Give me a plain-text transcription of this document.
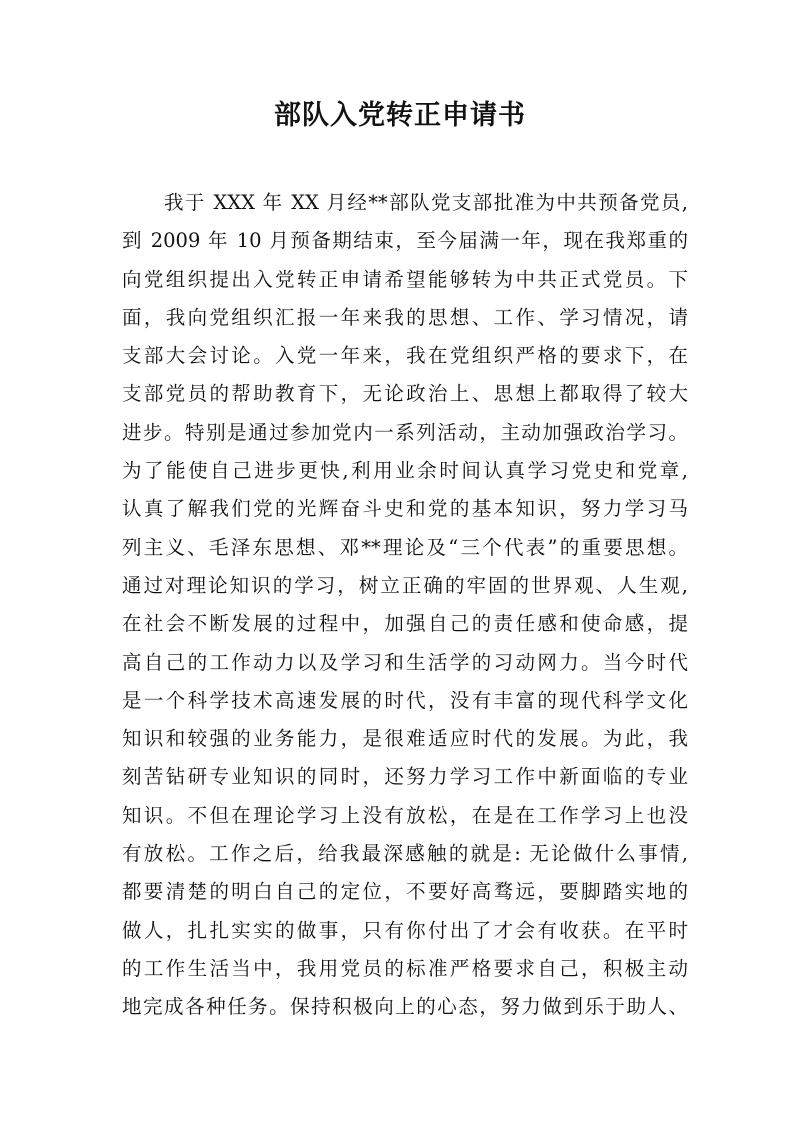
部队入党转正申请书
我于 XXX 年 XX 月经**部队党支部批准为中共预备党员,
到 2009 年 10 月预备期结束，至今届满一年，现在我郑重的
向党组织提出入党转正申请希望能够转为中共正式党员。下
面，我向党组织汇报一年来我的思想、工作、学习情况，请
支部大会讨论。入党一年来，我在党组织严格的要求下，在
支部党员的帮助教育下，无论政治上、思想上都取得了较大
进步。特别是通过参加党内一系列活动，主动加强政治学习。
为了能使自己进步更快,利用业余时间认真学习党史和党章,
认真了解我们党的光辉奋斗史和党的基本知识，努力学习马
列主义、毛泽东思想、邓**理论及“三个代表”的重要思想。
通过对理论知识的学习，树立正确的牢固的世界观、人生观,
在社会不断发展的过程中，加强自己的责任感和使命感，提
高自己的工作动力以及学习和生活学的习动网力。当今时代
是一个科学技术高速发展的时代，没有丰富的现代科学文化
知识和较强的业务能力，是很难适应时代的发展。为此，我
刻苦钻研专业知识的同时，还努力学习工作中新面临的专业
知识。不但在理论学习上没有放松，在是在工作学习上也没
有放松。工作之后，给我最深感触的就是: 无论做什么事情,
都要清楚的明白自己的定位，不要好高骛远，要脚踏实地的
做人，扎扎实实的做事，只有你付出了才会有收获。在平时
的工作生活当中，我用党员的标准严格要求自己，积极主动
地完成各种任务。保持积极向上的心态，努力做到乐于助人、
